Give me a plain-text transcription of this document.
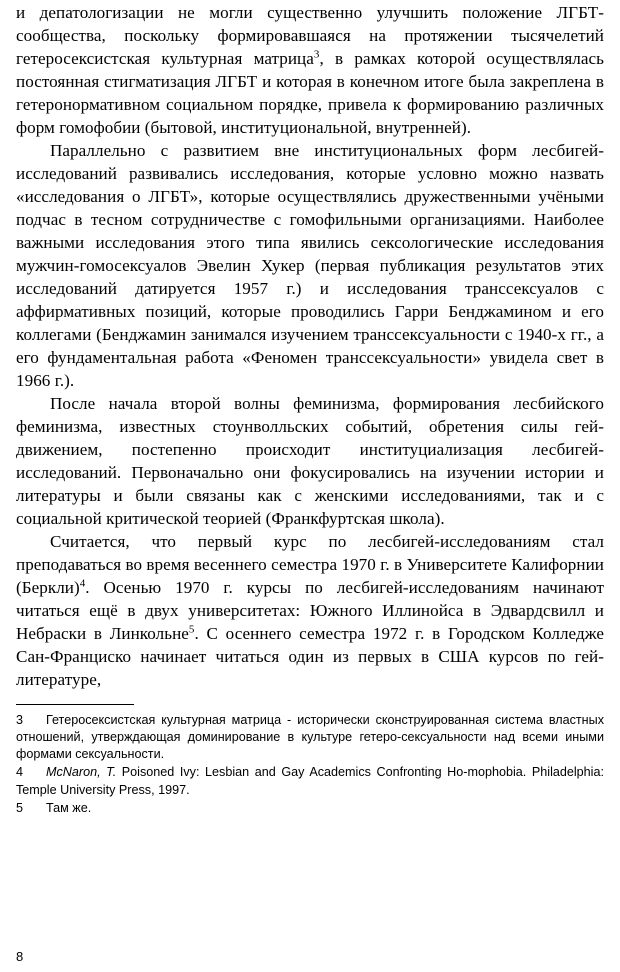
и депатологизации не могли существенно улучшить положение ЛГБТ-сообщества, поскольку формировавшаяся на протяжении тысячелетий гетеросексистская культурная матрица$^3$, в рамках которой осуществлялась постоянная стигматизация ЛГБТ и которая в конечном итоге была закреплена в гетеронормативном социальном порядке, привела к формированию различных форм гомофобии (бытовой, институциональной, внутренней).

Параллельно с развитием вне институциональных форм лесбигей-исследований развивались исследования, которые условно можно назвать «исследования о ЛГБТ», которые осуществлялись дружественными учёными подчас в тесном сотрудничестве с гомофильными организациями. Наиболее важными исследования этого типа явились сексологические исследования мужчин-гомосексуалов Эвелин Хукер (первая публикация результатов этих исследований датируется 1957 г.) и исследования транссексуалов с аффирмативных позиций, которые проводились Гарри Бенджамином и его коллегами (Бенджамин занимался изучением транссексуальности с 1940-х гг., а его фундаментальная работа «Феномен транссексуальности» увидела свет в 1966 г.).

После начала второй волны феминизма, формирования лесбийского феминизма, известных стоунволльских событий, обретения силы гей-движением, постепенно происходит институциализация лесбигей-исследований. Первоначально они фокусировались на изучении истории и литературы и были связаны как с женскими исследованиями, так и с социальной критической теорией (Франкфуртская школа).

Считается, что первый курс по лесбигей-исследованиям стал преподаваться во время весеннего семестра 1970 г. в Университете Калифорнии (Беркли)$^4$. Осенью 1970 г. курсы по лесбигей-исследованиям начинают читаться ещё в двух университетах: Южного Иллинойса в Эдвардсвилл и Небраски в Линкольне$^5$. С осеннего семестра 1972 г. в Городском Колледже Сан-Франциско начинает читаться один из первых в США курсов по гей-литературе,

3 Гетеросексистская культурная матрица - исторически сконструированная система властных отношений, утверждающая доминирование в культуре гетеро-сексуальности над всеми иными формами сексуальности.
4 McNaron, T. Poisoned Ivy: Lesbian and Gay Academics Confronting Ho-mophobia. Philadelphia: Temple University Press, 1997.
5 Там же.
8
